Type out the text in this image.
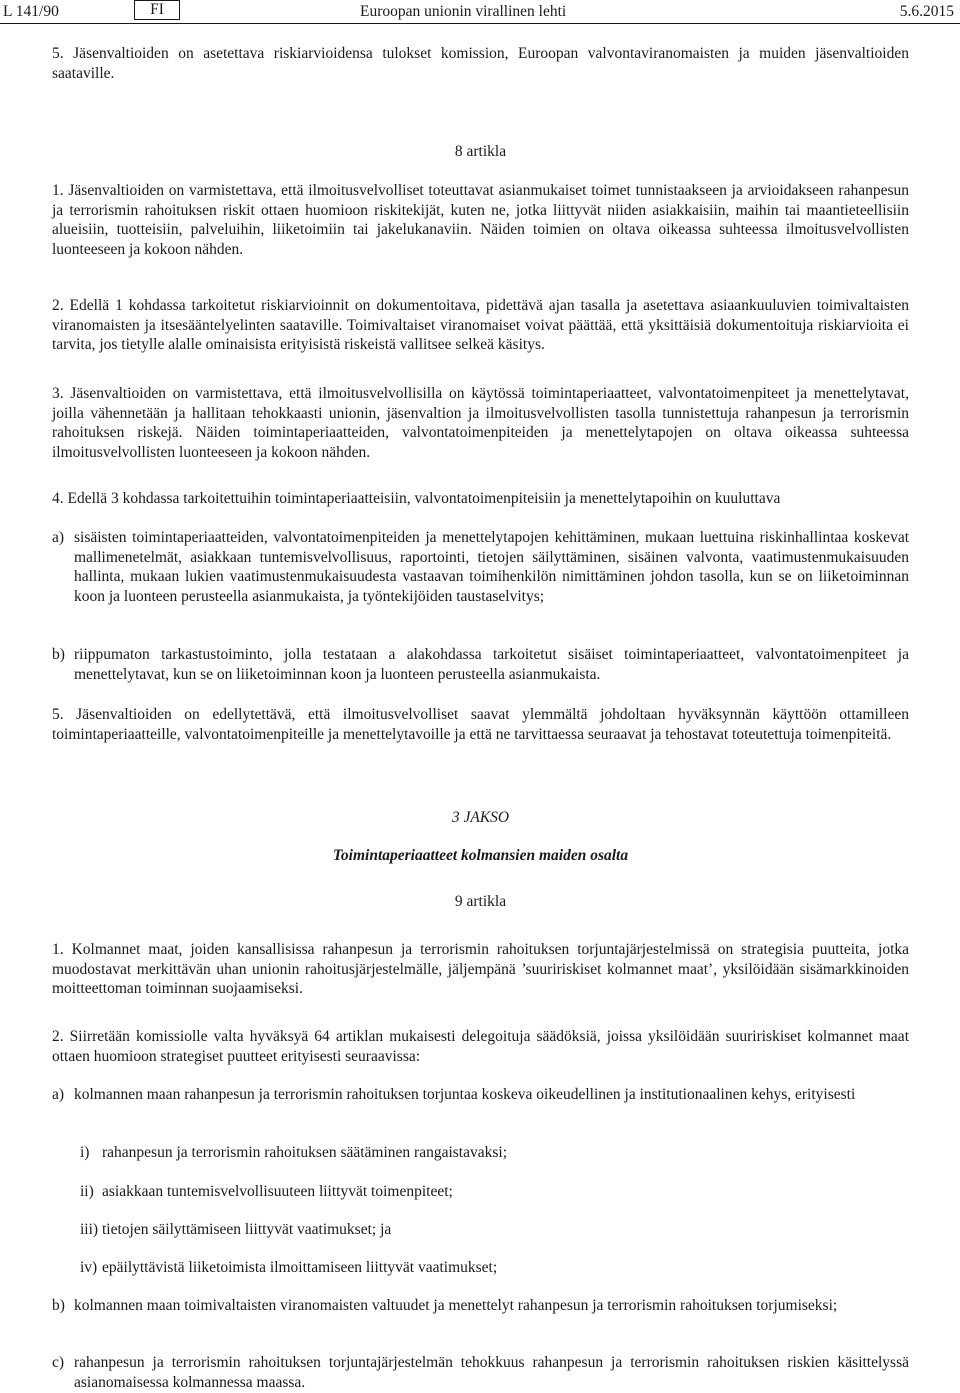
L 141/90	FI	Euroopan unionin virallinen lehti	5.6.2015

5. Jäsenvaltioiden on asetettava riskiarvioidensa tulokset komission, Euroopan valvontaviranomaisten ja muiden jäsenvaltioiden saataville.

8 artikla

1. Jäsenvaltioiden on varmistettava, että ilmoitusvelvolliset toteuttavat asianmukaiset toimet tunnistaakseen ja arvioidakseen rahanpesun ja terrorismin rahoituksen riskit ottaen huomioon riskitekijät, kuten ne, jotka liittyvät niiden asiakkaisiin, maihin tai maantieteellisiin alueisiin, tuotteisiin, palveluihin, liiketoimiin tai jakelukanaviin. Näiden toimien on oltava oikeassa suhteessa ilmoitusvelvollisten luonteeseen ja kokoon nähden.

2. Edellä 1 kohdassa tarkoitetut riskiarvioinnit on dokumentoitava, pidettävä ajan tasalla ja asetettava asiaankuuluvien toimivaltaisten viranomaisten ja itsesääntelyelinten saataville. Toimivaltaiset viranomaiset voivat päättää, että yksittäisiä dokumentoituja riskiarvioita ei tarvita, jos tietylle alalle ominaisista erityisistä riskeistä vallitsee selkeä käsitys.

3. Jäsenvaltioiden on varmistettava, että ilmoitusvelvollisilla on käytössä toimintaperiaatteet, valvontatoimenpiteet ja menettelytavat, joilla vähennetään ja hallitaan tehokkaasti unionin, jäsenvaltion ja ilmoitusvelvollisten tasolla tunnistettuja rahanpesun ja terrorismin rahoituksen riskejä. Näiden toimintaperiaatteiden, valvontatoimenpiteiden ja menettelytapojen on oltava oikeassa suhteessa ilmoitusvelvollisten luonteeseen ja kokoon nähden.

4. Edellä 3 kohdassa tarkoitettuihin toimintaperiaatteisiin, valvontatoimenpiteisiin ja menettelytapoihin on kuuluttava

a) sisäisten toimintaperiaatteiden, valvontatoimenpiteiden ja menettelytapojen kehittäminen, mukaan luettuina riskinhallintaa koskevat mallimenetelmät, asiakkaan tuntemisvelvollisuus, raportointi, tietojen säilyttäminen, sisäinen valvonta, vaatimustenmukaisuuden hallinta, mukaan lukien vaatimustenmukaisuudesta vastaavan toimihenkilön nimittäminen johdon tasolla, kun se on liiketoiminnan koon ja luonteen perusteella asianmukaista, ja työntekijöiden taustaselvitys;
b) riippumaton tarkastustoiminto, jolla testataan a alakohdassa tarkoitetut sisäiset toimintaperiaatteet, valvontatoimenpiteet ja menettelytavat, kun se on liiketoiminnan koon ja luonteen perusteella asianmukaista.

5. Jäsenvaltioiden on edellytettävä, että ilmoitusvelvolliset saavat ylemmältä johdoltaan hyväksynnän käyttöön ottamilleen toimintaperiaatteille, valvontatoimenpiteille ja menettelytavoille ja että ne tarvittaessa seuraavat ja tehostavat toteutettuja toimenpiteitä.

3 JAKSO
Toimintaperiaatteet kolmansien maiden osalta
9 artikla

1. Kolmannet maat, joiden kansallisissa rahanpesun ja terrorismin rahoituksen torjuntajärjestelmissä on strategisia puutteita, jotka muodostavat merkittävän uhan unionin rahoitusjärjestelmälle, jäljempänä ’suuririskiset kolmannet maat’, yksilöidään sisämarkkinoiden moitteettoman toiminnan suojaamiseksi.

2. Siirretään komissiolle valta hyväksyä 64 artiklan mukaisesti delegoituja säädöksiä, joissa yksilöidään suuririskiset kolmannet maat ottaen huomioon strategiset puutteet erityisesti seuraavissa:

a) kolmannen maan rahanpesun ja terrorismin rahoituksen torjuntaa koskeva oikeudellinen ja institutionaalinen kehys, erityisesti
i) rahanpesun ja terrorismin rahoituksen säätäminen rangaistavaksi;
ii) asiakkaan tuntemisvelvollisuuteen liittyvät toimenpiteet;
iii) tietojen säilyttämiseen liittyvät vaatimukset; ja
iv) epäilyttävistä liiketoimista ilmoittamiseen liittyvät vaatimukset;
b) kolmannen maan toimivaltaisten viranomaisten valtuudet ja menettelyt rahanpesun ja terrorismin rahoituksen torjumiseksi;
c) rahanpesun ja terrorismin rahoituksen torjuntajärjestelmän tehokkuus rahanpesun ja terrorismin rahoituksen riskien käsittelyssä asianomaisessa kolmannessa maassa.
